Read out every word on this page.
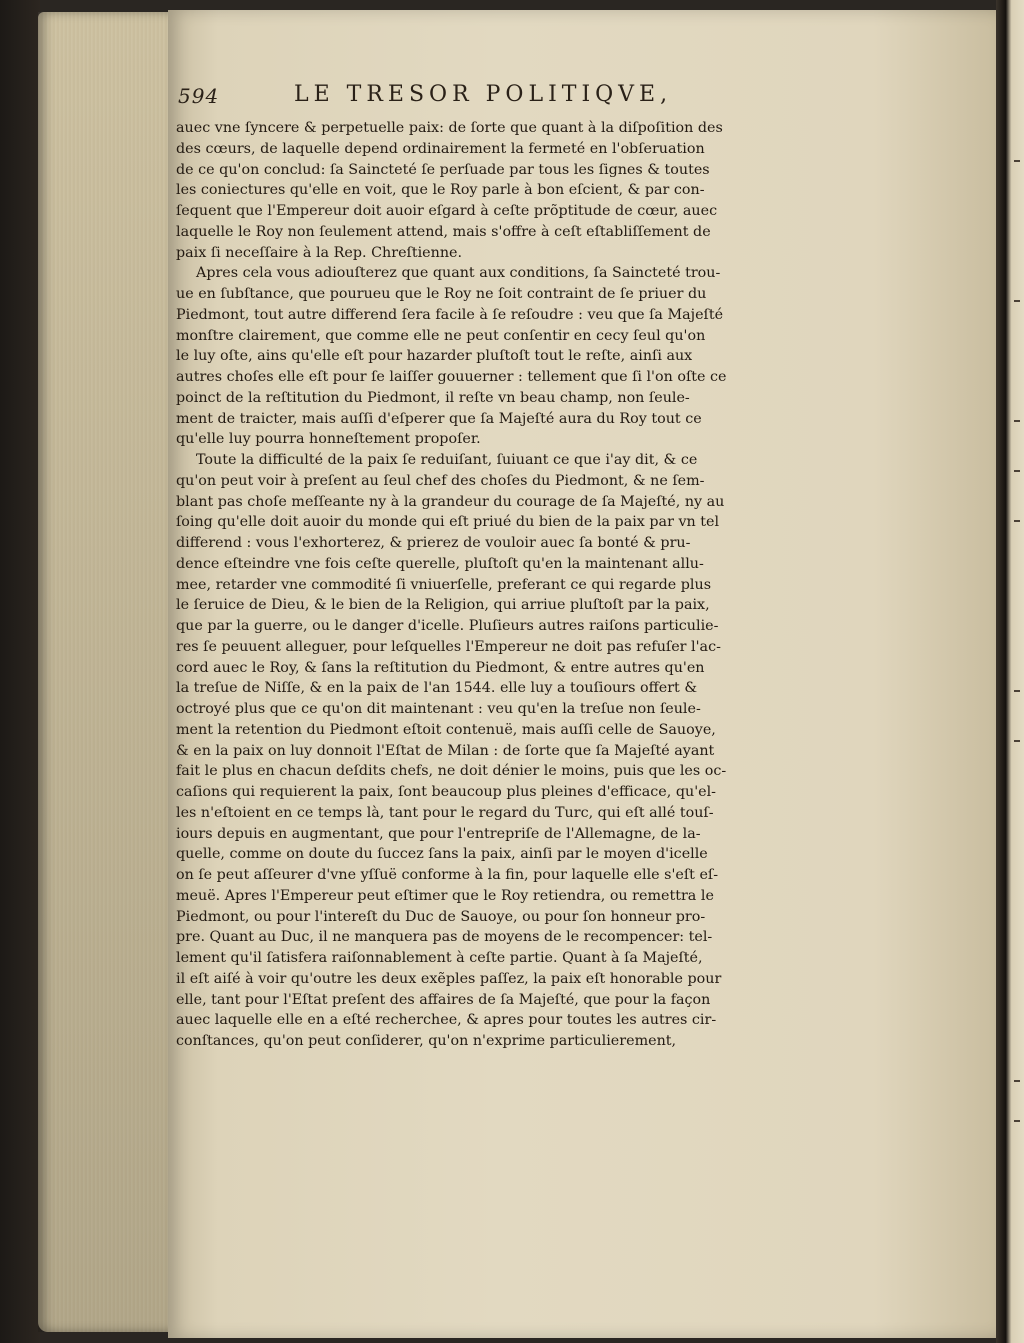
594	LE TRESOR POLITIQVE,
auec vne ſyncere & perpetuelle paix: de ſorte que quant à la diſpoſition des
des cœurs, de laquelle depend ordinairement la fermeté en l'obſeruation
de ce qu'on conclud: ſa Saincteté ſe perſuade par tous les ſignes & toutes
les coniectures qu'elle en voit, que le Roy parle à bon eſcient, & par con-
ſequent que l'Empereur doit auoir eſgard à ceſte prõptitude de cœur, auec
laquelle le Roy non ſeulement attend, mais s'offre à ceſt eſtabliſſement de
paix ſi neceſſaire à la Rep. Chreſtienne.
Apres cela vous adiouſterez que quant aux conditions, ſa Saincteté trou-
ue en ſubſtance, que pourueu que le Roy ne ſoit contraint de ſe priuer du
Piedmont, tout autre differend ſera facile à ſe reſoudre : veu que ſa Majeſté
monſtre clairement, que comme elle ne peut conſentir en cecy ſeul qu'on
le luy oſte, ains qu'elle eſt pour hazarder pluſtoſt tout le reſte, ainſi aux
autres choſes elle eſt pour ſe laiſſer gouuerner : tellement que ſi l'on oſte ce
poinct de la reſtitution du Piedmont, il reſte vn beau champ, non ſeule-
ment de traicter, mais auſſi d'eſperer que ſa Majeſté aura du Roy tout ce
qu'elle luy pourra honneſtement propoſer.
Toute la difficulté de la paix ſe reduiſant, ſuiuant ce que i'ay dit, & ce
qu'on peut voir à preſent au ſeul chef des choſes du Piedmont, & ne ſem-
blant pas choſe meſſeante ny à la grandeur du courage de ſa Majeſté, ny au
ſoing qu'elle doit auoir du monde qui eſt priué du bien de la paix par vn tel
differend : vous l'exhorterez, & prierez de vouloir auec ſa bonté & pru-
dence eſteindre vne fois ceſte querelle, pluſtoſt qu'en la maintenant allu-
mee, retarder vne commodité ſi vniuerſelle, preferant ce qui regarde plus
le ſeruice de Dieu, & le bien de la Religion, qui arriue pluſtoſt par la paix,
que par la guerre, ou le danger d'icelle. Pluſieurs autres raiſons particulie-
res ſe peuuent alleguer, pour leſquelles l'Empereur ne doit pas refuſer l'ac-
cord auec le Roy, & ſans la reſtitution du Piedmont, & entre autres qu'en
la treſue de Niſſe, & en la paix de l'an 1544. elle luy a touſiours offert &
octroyé plus que ce qu'on dit maintenant : veu qu'en la treſue non ſeule-
ment la retention du Piedmont eſtoit contenuë, mais auſſi celle de Sauoye,
& en la paix on luy donnoit l'Eſtat de Milan : de ſorte que ſa Majeſté ayant
fait le plus en chacun deſdits chefs, ne doit dénier le moins, puis que les oc-
caſions qui requierent la paix, ſont beaucoup plus pleines d'efficace, qu'el-
les n'eſtoient en ce temps là, tant pour le regard du Turc, qui eſt allé touſ-
iours depuis en augmentant, que pour l'entrepriſe de l'Allemagne, de la-
quelle, comme on doute du ſuccez ſans la paix, ainſi par le moyen d'icelle
on ſe peut aſſeurer d'vne yſſuë conforme à la fin, pour laquelle elle s'eſt eſ-
meuë. Apres l'Empereur peut eſtimer que le Roy retiendra, ou remettra le
Piedmont, ou pour l'intereſt du Duc de Sauoye, ou pour ſon honneur pro-
pre. Quant au Duc, il ne manquera pas de moyens de le recompencer: tel-
lement qu'il ſatisfera raiſonnablement à ceſte partie. Quant à ſa Majeſté,
il eſt aiſé à voir qu'outre les deux exẽples paſſez, la paix eſt honorable pour
elle, tant pour l'Eſtat preſent des affaires de ſa Majeſté, que pour la façon
auec laquelle elle en a eſté recherchee, & apres pour toutes les autres cir-
conſtances, qu'on peut conſiderer, qu'on n'exprime particulierement,
